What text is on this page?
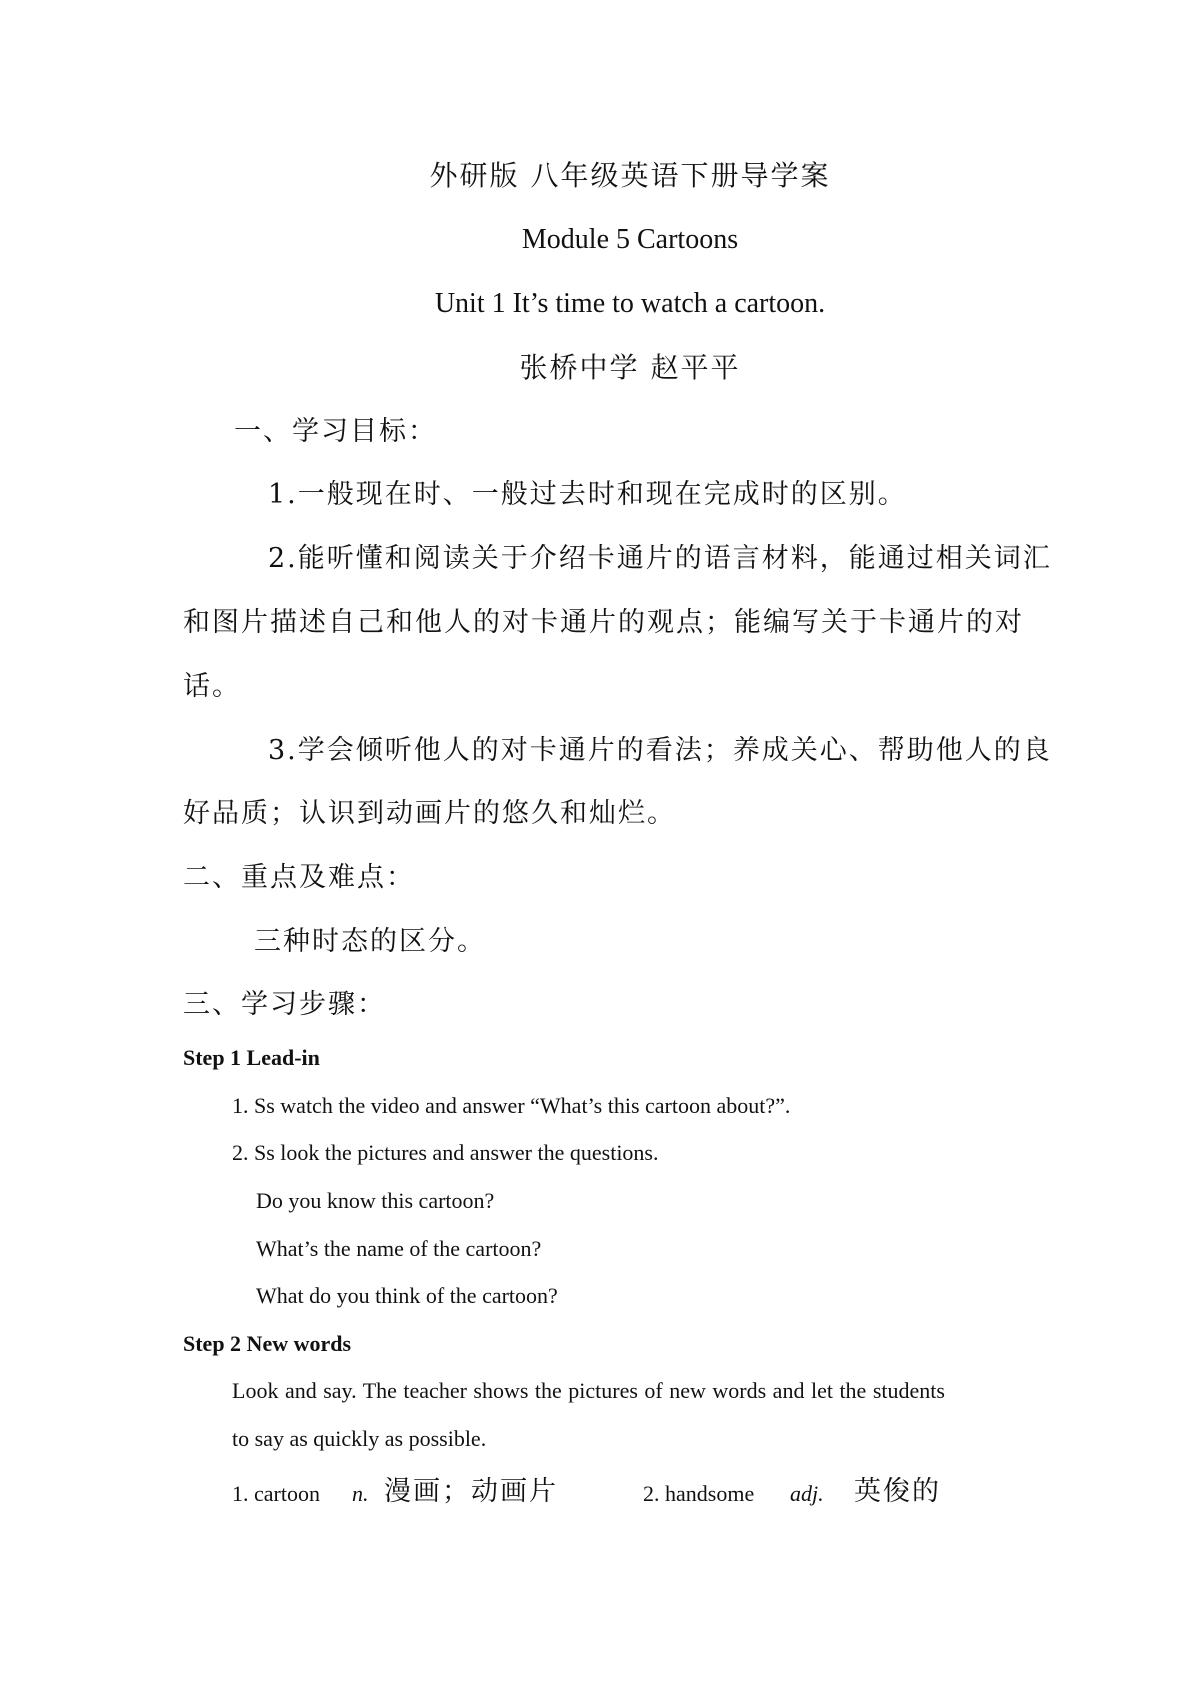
外研版 八年级英语下册导学案
Module 5 Cartoons
Unit 1 It’s time to watch a cartoon.
张桥中学 赵平平
一、学习目标：
1.一般现在时、一般过去时和现在完成时的区别。
2.能听懂和阅读关于介绍卡通片的语言材料，能通过相关词汇
和图片描述自己和他人的对卡通片的观点；能编写关于卡通片的对
话。
3.学会倾听他人的对卡通片的看法；养成关心、帮助他人的良
好品质；认识到动画片的悠久和灿烂。
二、重点及难点：
三种时态的区分。
三、学习步骤：
Step 1 Lead-in
1. Ss watch the video and answer “What’s this cartoon about?”.
2. Ss look the pictures and answer the questions.
Do you know this cartoon?
What’s the name of the cartoon?
What do you think of the cartoon?
Step 2 New words
Look and say. The teacher shows the pictures of new words and let the students
to say as quickly as possible.
1. cartoon n. 漫画；动画片	2. handsome adj. 英俊的
